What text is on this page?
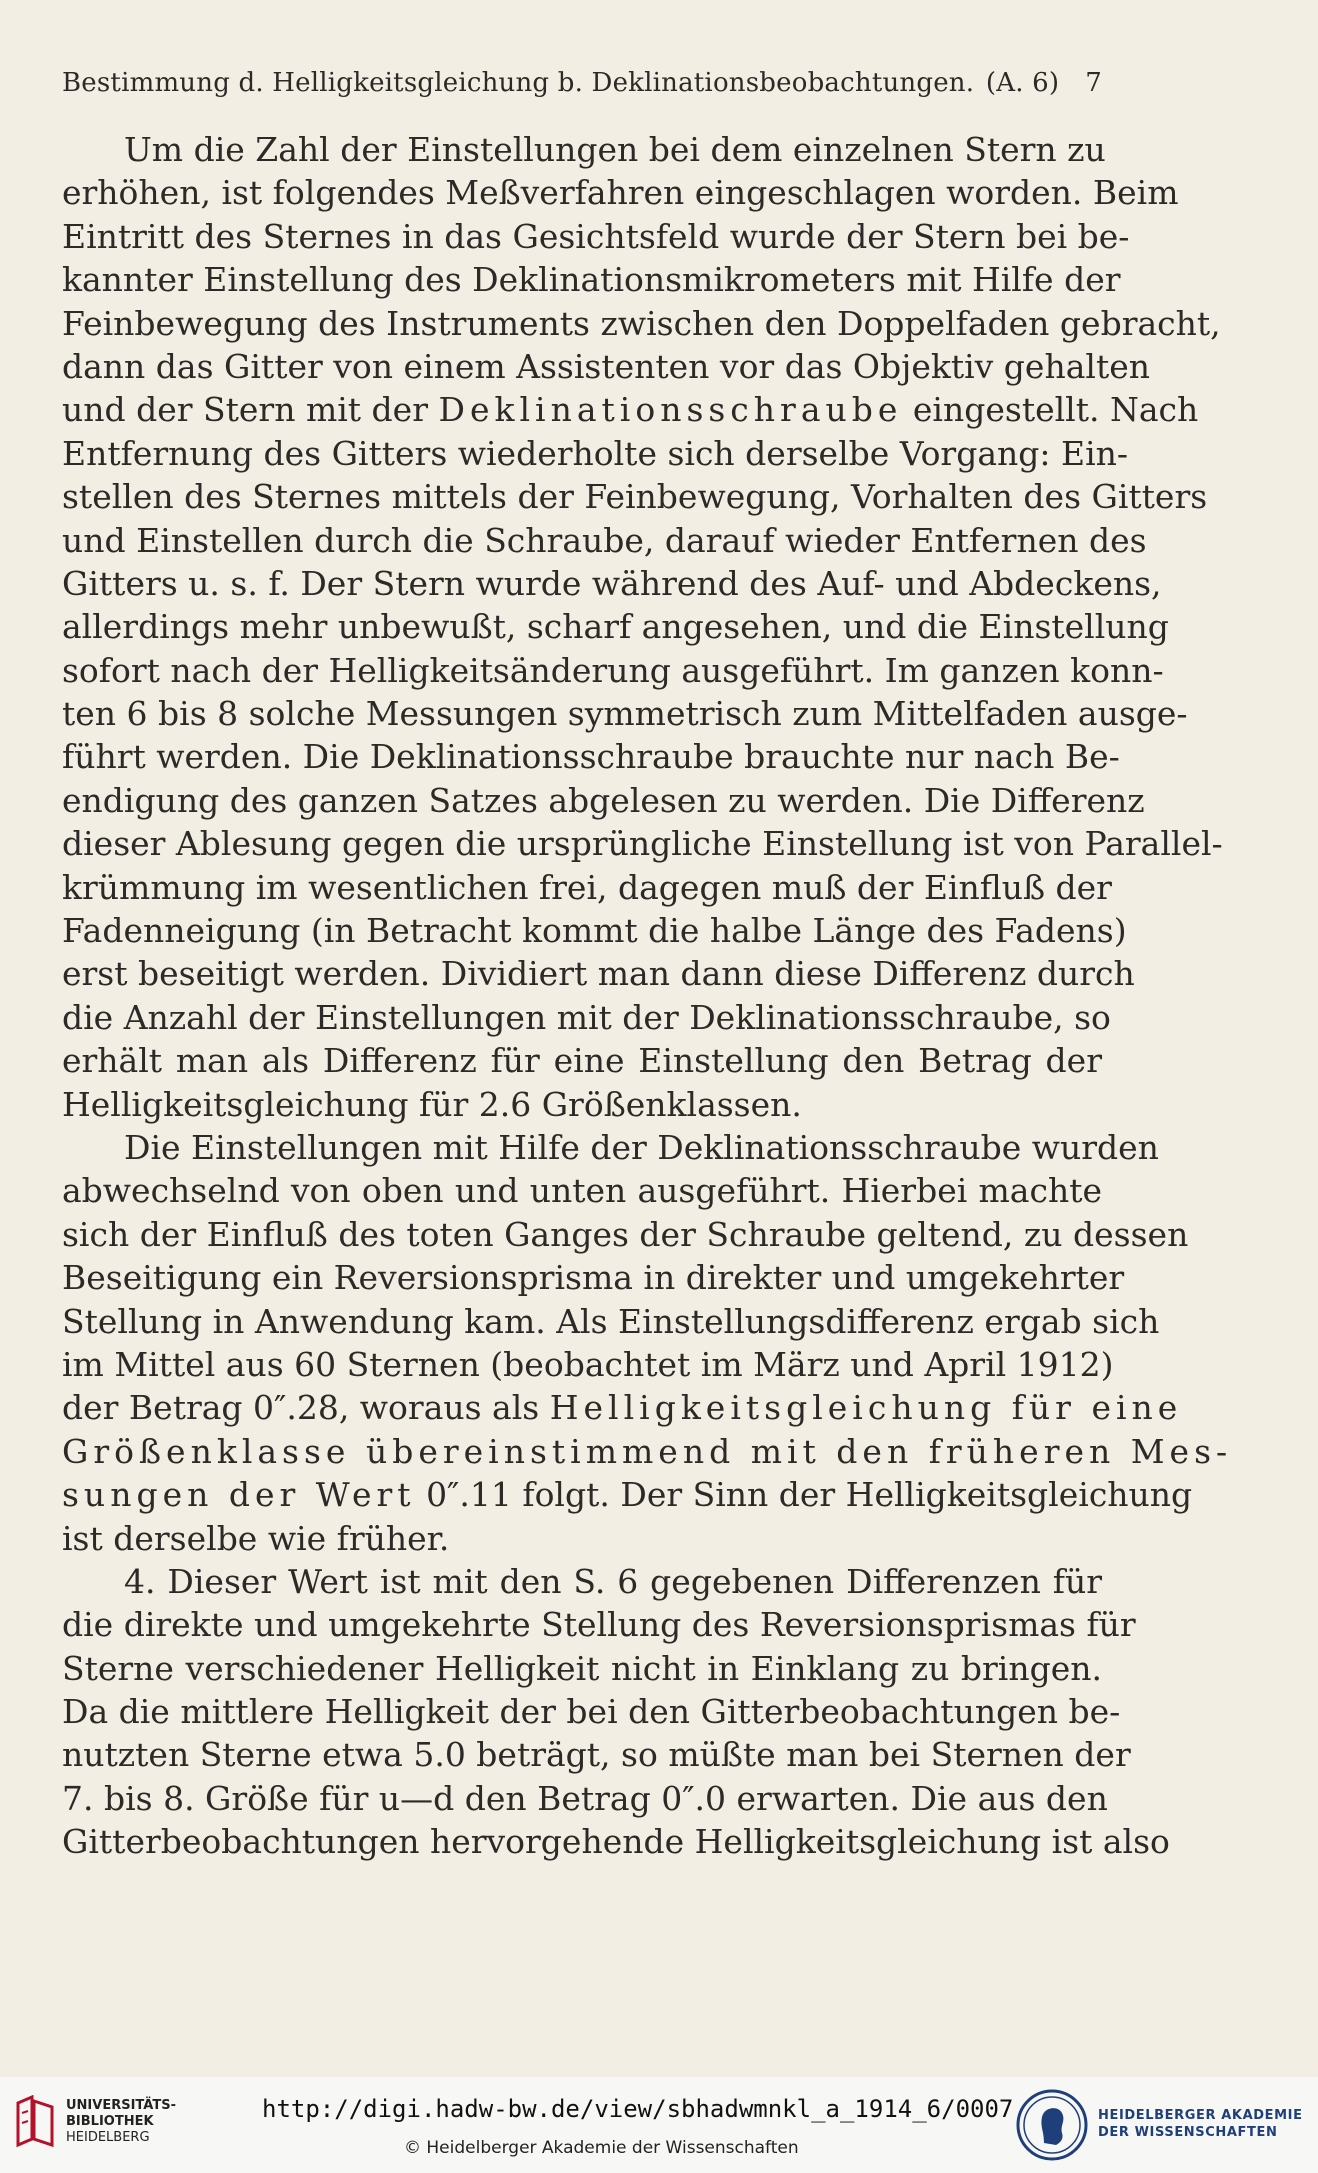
Bestimmung d. Helligkeitsgleichung b. Deklinationsbeobachtungen. (A. 6) 7
Um die Zahl der Einstellungen bei dem einzelnen Stern zu
erhöhen, ist folgendes Meßverfahren eingeschlagen worden. Beim
Eintritt des Sternes in das Gesichtsfeld wurde der Stern bei be-
kannter Einstellung des Deklinationsmikrometers mit Hilfe der
Feinbewegung des Instruments zwischen den Doppelfaden gebracht,
dann das Gitter von einem Assistenten vor das Objektiv gehalten
und der Stern mit der Deklinationsschraube eingestellt. Nach
Entfernung des Gitters wiederholte sich derselbe Vorgang: Ein-
stellen des Sternes mittels der Feinbewegung, Vorhalten des Gitters
und Einstellen durch die Schraube, darauf wieder Entfernen des
Gitters u. s. f. Der Stern wurde während des Auf- und Abdeckens,
allerdings mehr unbewußt, scharf angesehen, und die Einstellung
sofort nach der Helligkeitsänderung ausgeführt. Im ganzen konn-
ten 6 bis 8 solche Messungen symmetrisch zum Mittelfaden ausge-
führt werden. Die Deklinationsschraube brauchte nur nach Be-
endigung des ganzen Satzes abgelesen zu werden. Die Differenz
dieser Ablesung gegen die ursprüngliche Einstellung ist von Parallel-
krümmung im wesentlichen frei, dagegen muß der Einfluß der
Fadenneigung (in Betracht kommt die halbe Länge des Fadens)
erst beseitigt werden. Dividiert man dann diese Differenz durch
die Anzahl der Einstellungen mit der Deklinationsschraube, so
erhält man als Differenz für eine Einstellung den Betrag der
Helligkeitsgleichung für 2.6 Größenklassen.
Die Einstellungen mit Hilfe der Deklinationsschraube wurden
abwechselnd von oben und unten ausgeführt. Hierbei machte
sich der Einfluß des toten Ganges der Schraube geltend, zu dessen
Beseitigung ein Reversionsprisma in direkter und umgekehrter
Stellung in Anwendung kam. Als Einstellungsdifferenz ergab sich
im Mittel aus 60 Sternen (beobachtet im März und April 1912)
der Betrag 0″.28, woraus als Helligkeitsgleichung für eine
Größenklasse übereinstimmend mit den früheren Mes-
sungen der Wert 0″.11 folgt. Der Sinn der Helligkeitsgleichung
ist derselbe wie früher.
4. Dieser Wert ist mit den S. 6 gegebenen Differenzen für
die direkte und umgekehrte Stellung des Reversionsprismas für
Sterne verschiedener Helligkeit nicht in Einklang zu bringen.
Da die mittlere Helligkeit der bei den Gitterbeobachtungen be-
nutzten Sterne etwa 5.0 beträgt, so müßte man bei Sternen der
7. bis 8. Größe für u—d den Betrag 0″.0 erwarten. Die aus den
Gitterbeobachtungen hervorgehende Helligkeitsgleichung ist also
UNIVERSITÄTS-
BIBLIOTHEK
HEIDELBERG
http://digi.hadw-bw.de/view/sbhadwmnkl_a_1914_6/0007
© Heidelberger Akademie der Wissenschaften
HEIDELBERGER AKADEMIE
DER WISSENSCHAFTEN
